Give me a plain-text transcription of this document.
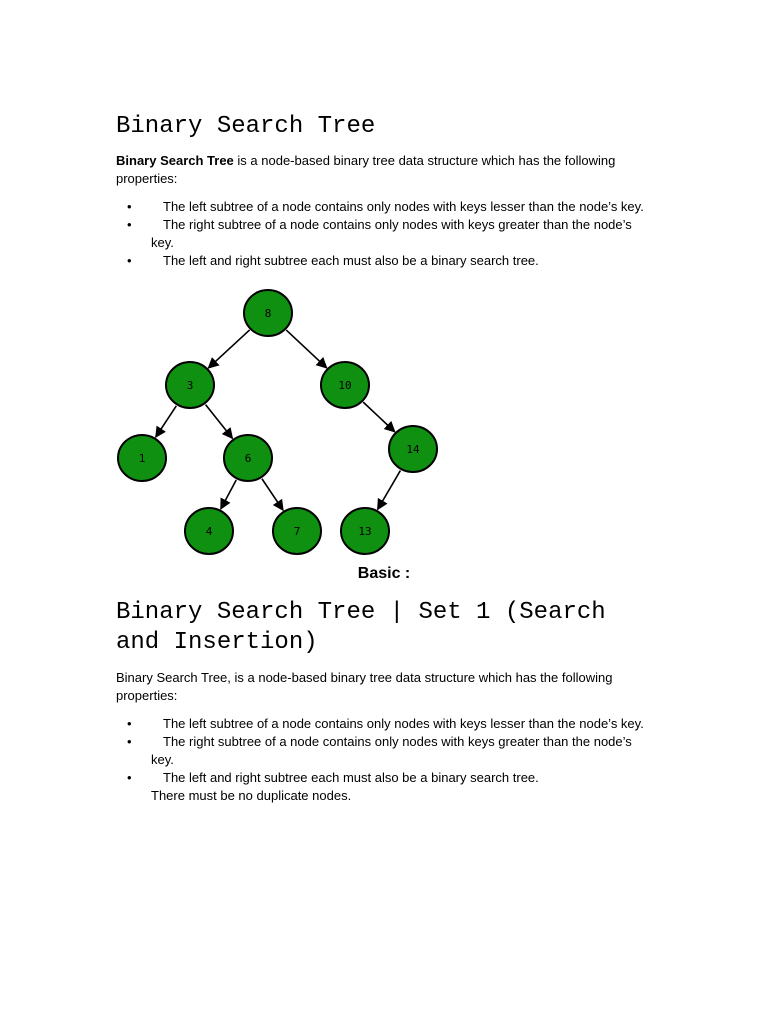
Binary Search Tree
Binary Search Tree is a node-based binary tree data structure which has the following properties:
• The left subtree of a node contains only nodes with keys lesser than the node’s key.
• The right subtree of a node contains only nodes with keys greater than the node’s key.
• The left and right subtree each must also be a binary search tree.
8
3	10
1	6
14
4	7	13
Basic :
Binary Search Tree | Set 1 (Search and Insertion)
Binary Search Tree, is a node-based binary tree data structure which has the following properties:
• The left subtree of a node contains only nodes with keys lesser than the node’s key.
• The right subtree of a node contains only nodes with keys greater than the node’s key.
• The left and right subtree each must also be a binary search tree.
There must be no duplicate nodes.
